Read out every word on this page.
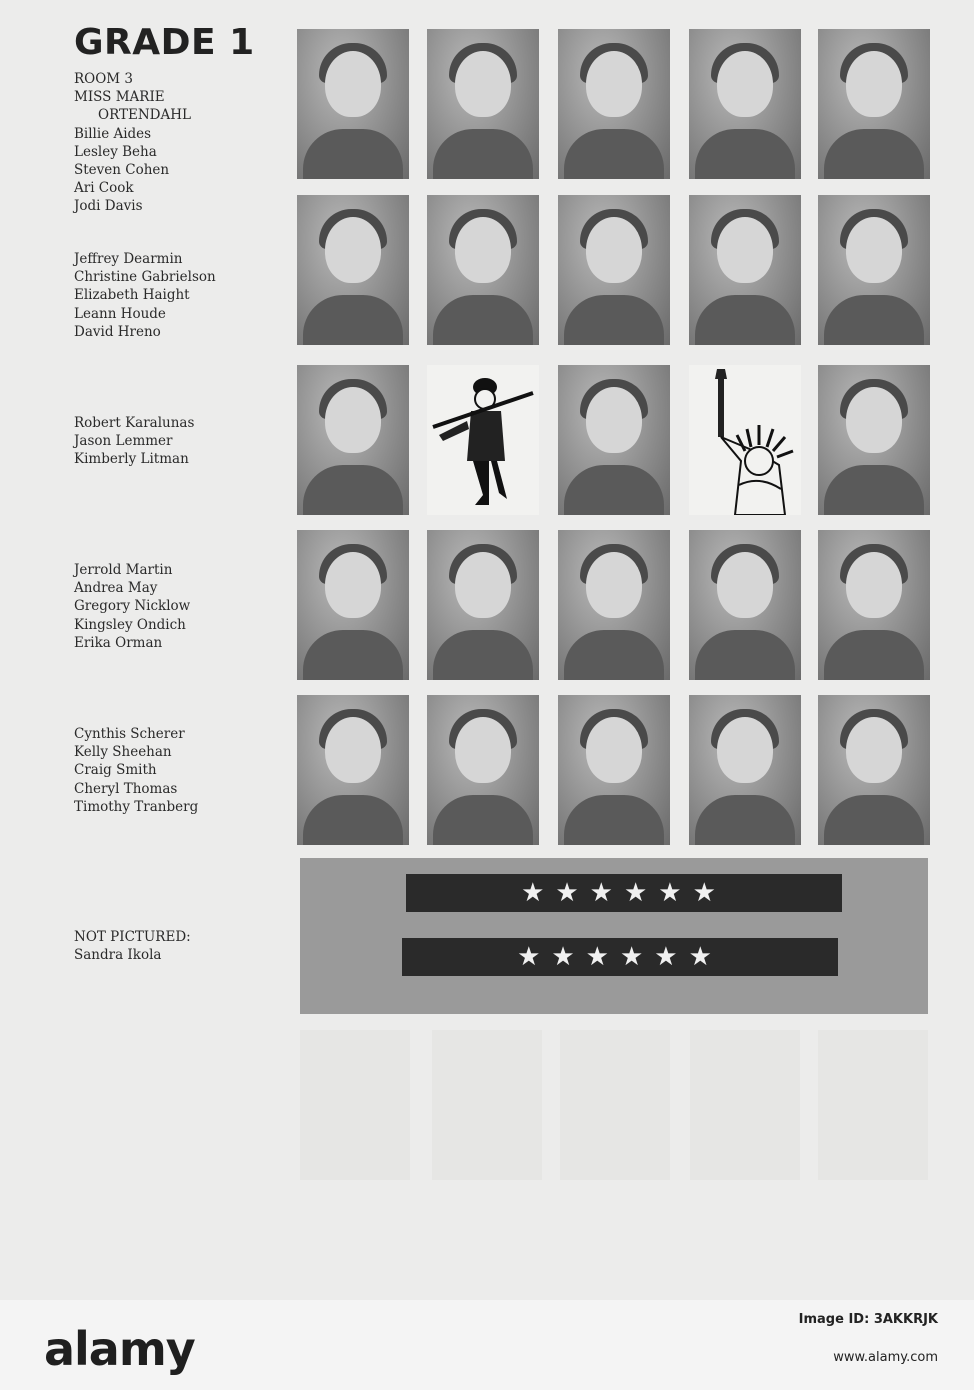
GRADE 1
ROOM 3
MISS MARIE
ORTENDAHL
Billie Aides
Lesley Beha
Steven Cohen
Ari Cook
Jodi Davis
Jeffrey Dearmin
Christine Gabrielson
Elizabeth Haight
Leann Houde
David Hreno
Robert Karalunas
Jason Lemmer
Kimberly Litman
Jerrold Martin
Andrea May
Gregory Nicklow
Kingsley Ondich
Erika Orman
Cynthis Scherer
Kelly Sheehan
Craig Smith
Cheryl Thomas
Timothy Tranberg
NOT PICTURED:
Sandra Ikola
★★★★★★
★★★★★★
alamy
Image ID: 3AKKRJK
www.alamy.com
